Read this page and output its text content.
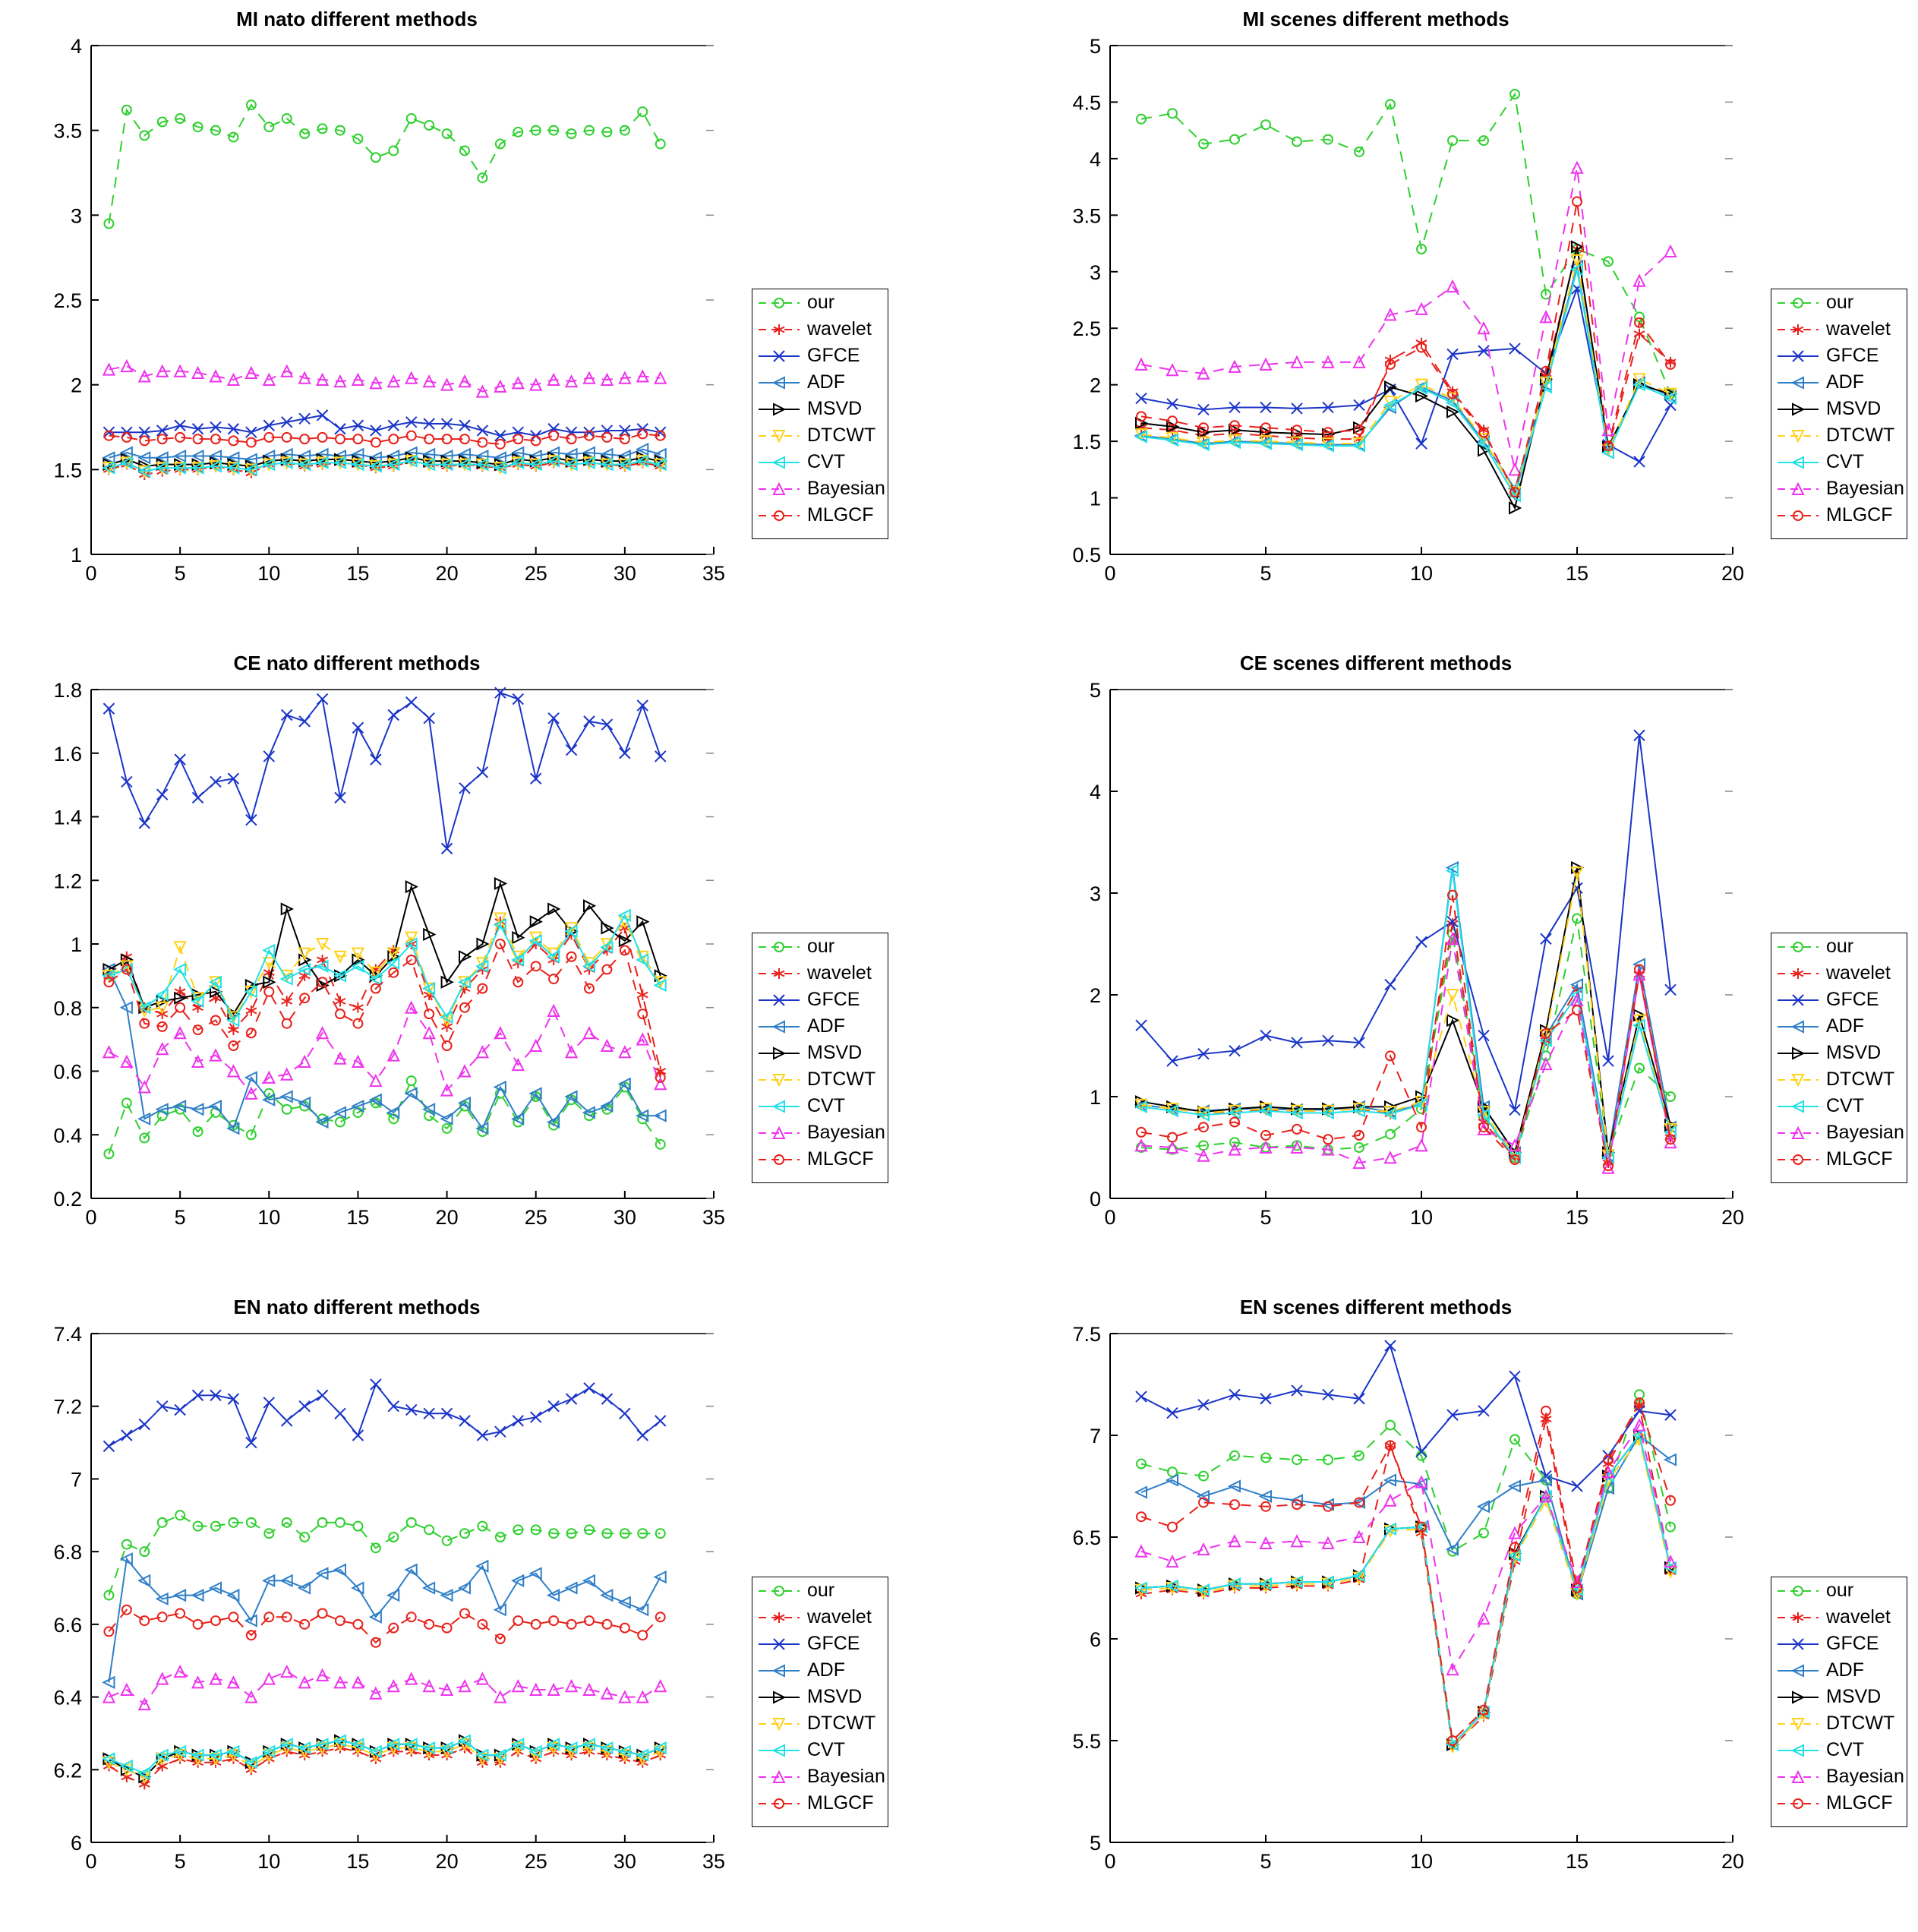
MI nato different methods
0	5	10	15	20	25	30	35
1
1.5
2
2.5
3
3.5
4
our
wavelet
GFCE
ADF
MSVD
DTCWT
CVT
Bayesian
MLGCF
MI scenes different methods
0	5	10	15	20
0.5
1
1.5
2
2.5
3
3.5
4
4.5
5
our
wavelet
GFCE
ADF
MSVD
DTCWT
CVT
Bayesian
MLGCF
CE nato different methods
0	5	10	15	20	25	30	35
0.2
0.4
0.6
0.8
1
1.2
1.4
1.6
1.8
our
wavelet
GFCE
ADF
MSVD
DTCWT
CVT
Bayesian
MLGCF
CE scenes different methods
0	5	10	15	20
0
1
2
3
4
5
our
wavelet
GFCE
ADF
MSVD
DTCWT
CVT
Bayesian
MLGCF
EN nato different methods
0	5	10	15	20	25	30	35
6
6.2
6.4
6.6
6.8
7
7.2
7.4
our
wavelet
GFCE
ADF
MSVD
DTCWT
CVT
Bayesian
MLGCF
EN scenes different methods
0	5	10	15	20
5
5.5
6
6.5
7
7.5
our
wavelet
GFCE
ADF
MSVD
DTCWT
CVT
Bayesian
MLGCF
